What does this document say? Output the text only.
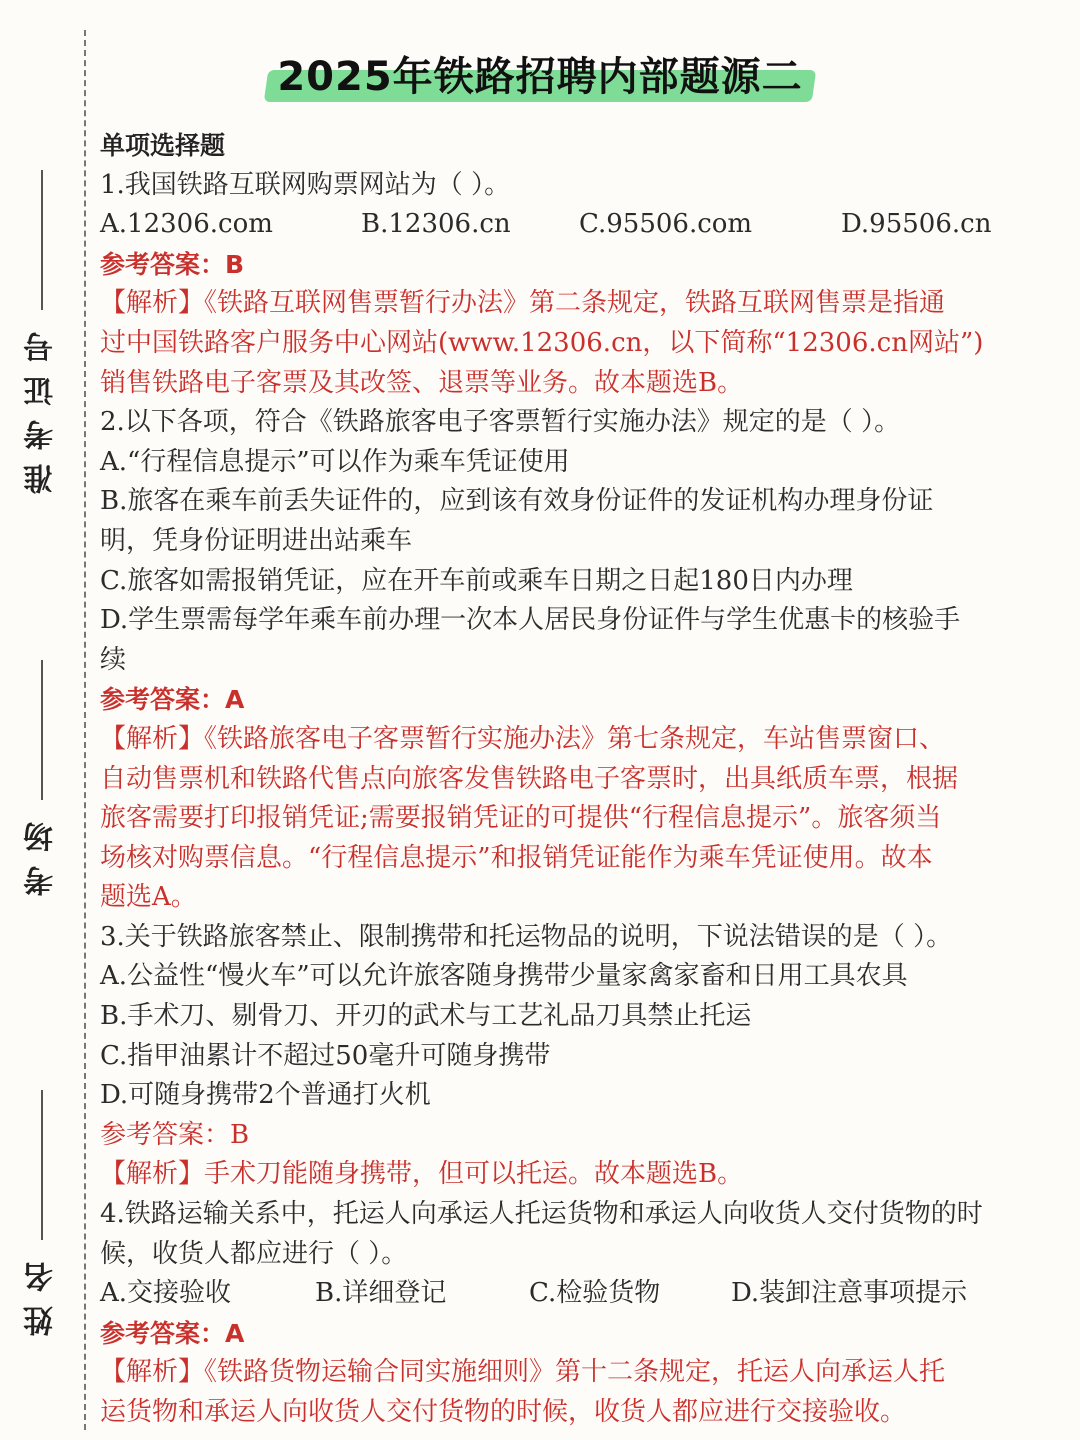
准考证号
考场
姓名
2025年铁路招聘内部题源二
单项选择题
1.我国铁路互联网购票网站为（ ）。
A.12306.com	B.12306.cn	C.95506.com	D.95506.cn
参考答案：B
【解析】《铁路互联网售票暂行办法》第二条规定，铁路互联网售票是指通
过中国铁路客户服务中心网站(www.12306.cn，以下简称“12306.cn网站”)
销售铁路电子客票及其改签、退票等业务。故本题选B。
2.以下各项，符合《铁路旅客电子客票暂行实施办法》规定的是（ ）。
A.“行程信息提示”可以作为乘车凭证使用
B.旅客在乘车前丢失证件的，应到该有效身份证件的发证机构办理身份证
明，凭身份证明进出站乘车
C.旅客如需报销凭证，应在开车前或乘车日期之日起180日内办理
D.学生票需每学年乘车前办理一次本人居民身份证件与学生优惠卡的核验手
续
参考答案：A
【解析】《铁路旅客电子客票暂行实施办法》第七条规定，车站售票窗口、
自动售票机和铁路代售点向旅客发售铁路电子客票时，出具纸质车票，根据
旅客需要打印报销凭证;需要报销凭证的可提供“行程信息提示”。旅客须当
场核对购票信息。“行程信息提示”和报销凭证能作为乘车凭证使用。故本
题选A。
3.关于铁路旅客禁止、限制携带和托运物品的说明，下说法错误的是（ ）。
A.公益性“慢火车”可以允许旅客随身携带少量家禽家畜和日用工具农具
B.手术刀、剔骨刀、开刃的武术与工艺礼品刀具禁止托运
C.指甲油累计不超过50毫升可随身携带
D.可随身携带2个普通打火机
参考答案：B
【解析】手术刀能随身携带，但可以托运。故本题选B。
4.铁路运输关系中，托运人向承运人托运货物和承运人向收货人交付货物的时
候，收货人都应进行（ ）。
A.交接验收	B.详细登记	C.检验货物	D.装卸注意事项提示
参考答案：A
【解析】《铁路货物运输合同实施细则》第十二条规定，托运人向承运人托
运货物和承运人向收货人交付货物的时候，收货人都应进行交接验收。
